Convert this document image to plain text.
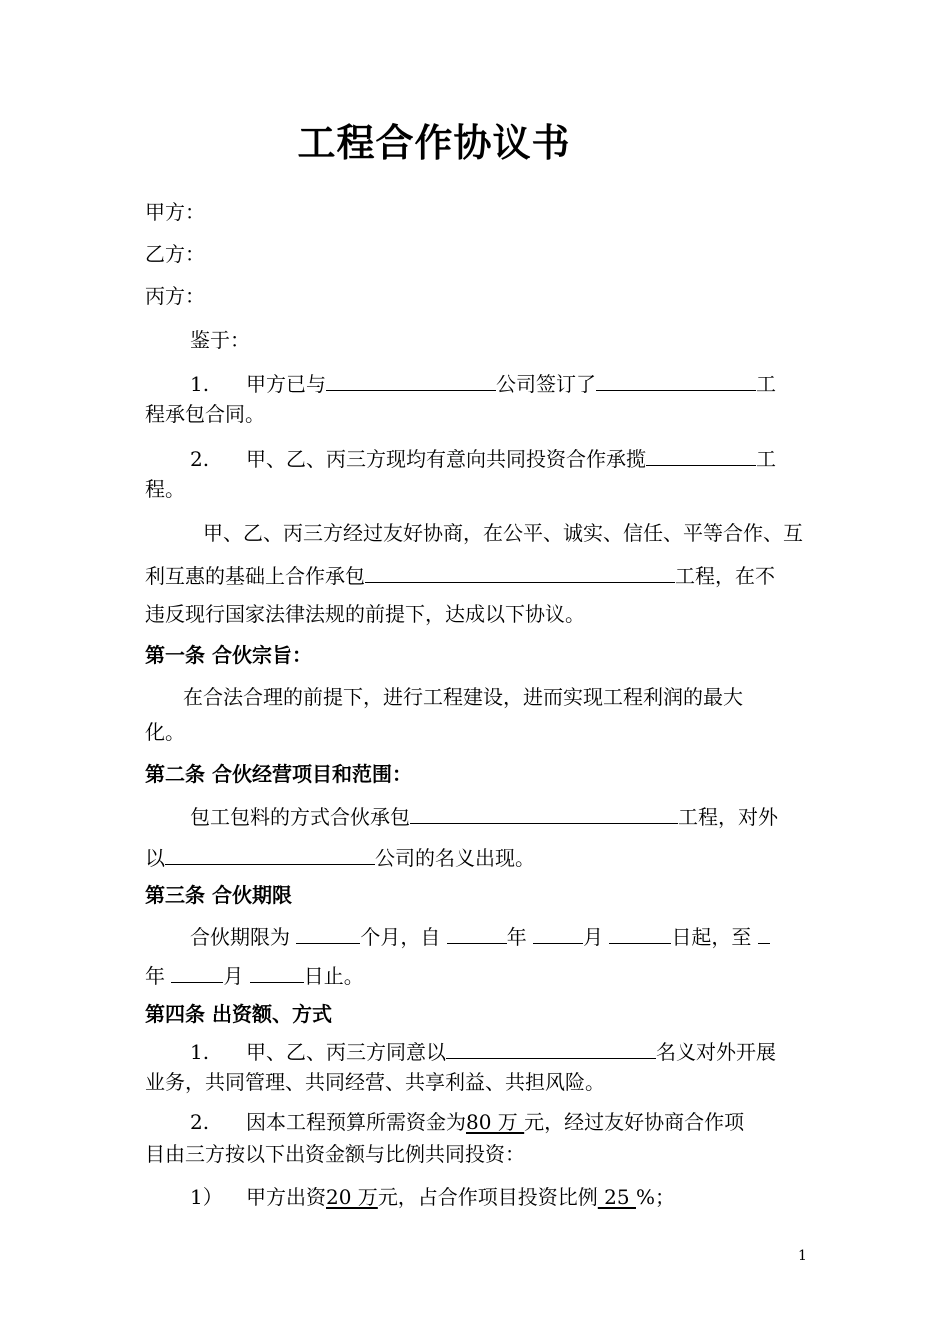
工程合作协议书
甲方：
乙方：
丙方：
鉴于：
1. 甲方已与	公司签订了	工
程承包合同。
2. 甲、乙、丙三方现均有意向共同投资合作承揽	工
程。
甲、乙、丙三方经过友好协商，在公平、诚实、信任、平等合作、互
利互惠的基础上合作承包	工程，在不
违反现行国家法律法规的前提下，达成以下协议。
第一条 合伙宗旨：
在合法合理的前提下，进行工程建设，进而实现工程利润的最大
化。
第二条 合伙经营项目和范围：
包工包料的方式合伙承包	工程，对外
以	公司的名义出现。
第三条 合伙期限
合伙期限为	个月，自	年	月	日起，至
年	月	日止。
第四条 出资额、方式
1. 甲、乙、丙三方同意以	名义对外开展
业务，共同管理、共同经营、共享利益、共担风险。
2. 因本工程预算所需资金为80 万 元，经过友好协商合作项
目由三方按以下出资金额与比例共同投资：
1） 甲方出资20 万元，占合作项目投资比例 25 %；
1
